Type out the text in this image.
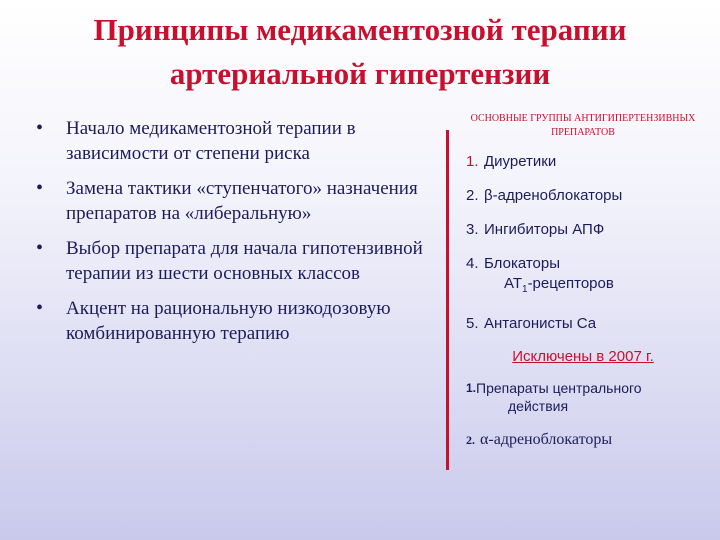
Принципы медикаментозной терапии
артериальной гипертензии
• Начало медикаментозной терапии в зависимости от степени риска
• Замена тактики «ступенчатого» назначения препаратов на «либеральную»
• Выбор препарата для начала гипотензивной терапии из шести основных классов
• Акцент на рациональную низкодозовую комбинированную терапию
ОСНОВНЫЕ ГРУППЫ АНТИГИПЕРТЕНЗИВНЫХ ПРЕПАРАТОВ
1. Диуретики
2. β-адреноблокаторы
3. Ингибиторы АПФ
4. Блокаторы
$АТ_1$-рецепторов
5. Антагонисты Са
Исключены в 2007 г.
1. Препараты центрального
действия
2. α-адреноблокаторы
